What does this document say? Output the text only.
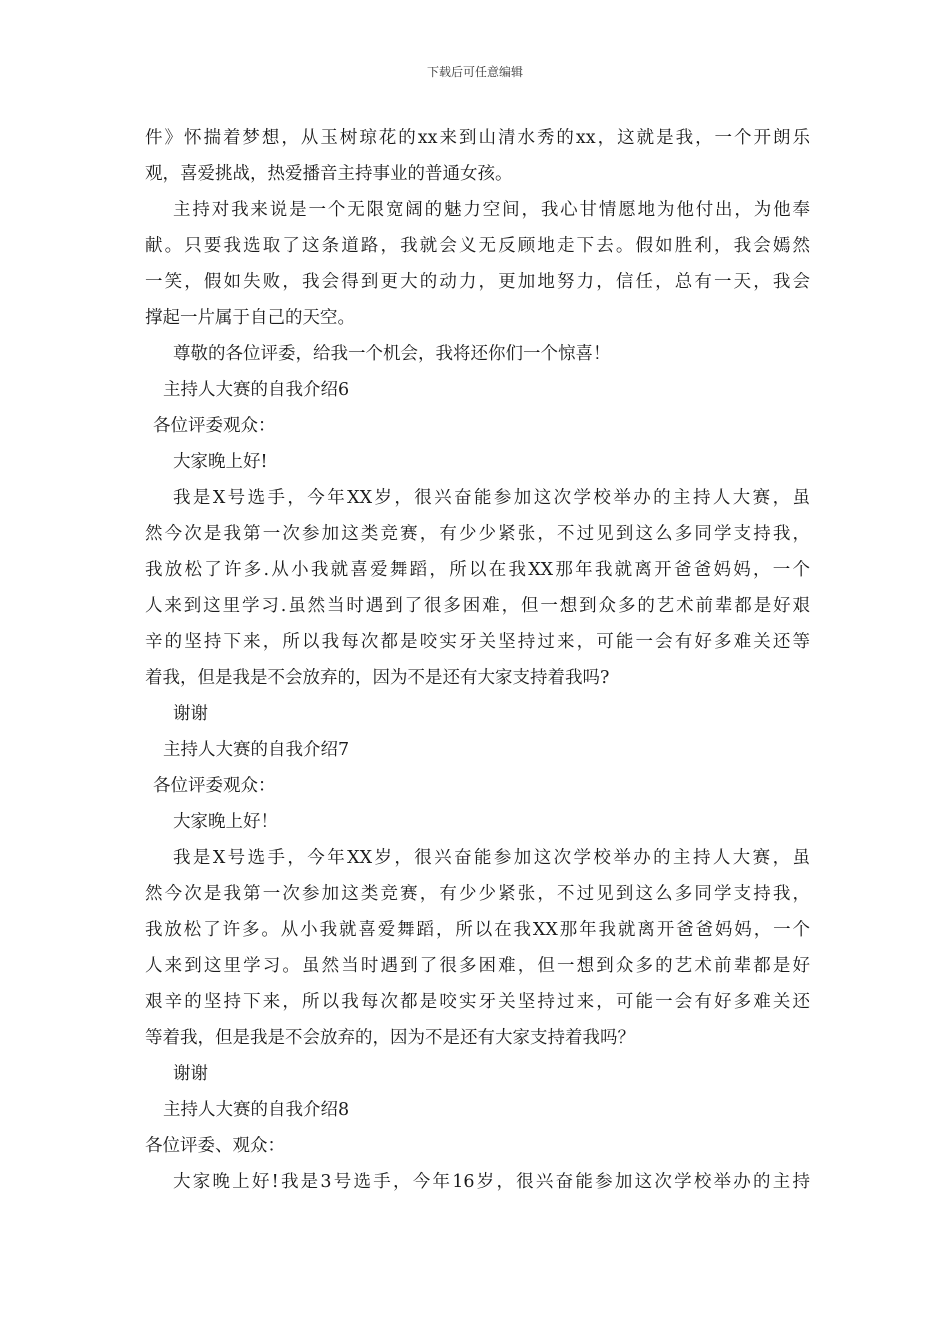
下载后可任意编辑
件》怀揣着梦想，从玉树琼花的xx来到山清水秀的xx，这就是我，一个开朗乐
观，喜爱挑战，热爱播音主持事业的普通女孩。
主持对我来说是一个无限宽阔的魅力空间，我心甘情愿地为他付出，为他奉
献。只要我选取了这条道路，我就会义无反顾地走下去。假如胜利，我会嫣然
一笑，假如失败，我会得到更大的动力，更加地努力，信任，总有一天，我会
撑起一片属于自己的天空。
尊敬的各位评委，给我一个机会，我将还你们一个惊喜！
主持人大赛的自我介绍6
各位评委观众：
大家晚上好!
我是X号选手，今年XX岁，很兴奋能参加这次学校举办的主持人大赛，虽
然今次是我第一次参加这类竞赛，有少少紧张，不过见到这么多同学支持我，
我放松了许多.从小我就喜爱舞蹈，所以在我XX那年我就离开爸爸妈妈，一个
人来到这里学习.虽然当时遇到了很多困难，但一想到众多的艺术前辈都是好艰
辛的坚持下来，所以我每次都是咬实牙关坚持过来，可能一会有好多难关还等
着我，但是我是不会放弃的，因为不是还有大家支持着我吗?
谢谢
主持人大赛的自我介绍7
各位评委观众：
大家晚上好！
我是X号选手，今年XX岁，很兴奋能参加这次学校举办的主持人大赛，虽
然今次是我第一次参加这类竞赛，有少少紧张，不过见到这么多同学支持我，
我放松了许多。从小我就喜爱舞蹈，所以在我XX那年我就离开爸爸妈妈，一个
人来到这里学习。虽然当时遇到了很多困难，但一想到众多的艺术前辈都是好
艰辛的坚持下来，所以我每次都是咬实牙关坚持过来，可能一会有好多难关还
等着我，但是我是不会放弃的，因为不是还有大家支持着我吗？
谢谢
主持人大赛的自我介绍8
各位评委、观众：
大家晚上好!我是3号选手，今年16岁，很兴奋能参加这次学校举办的主持
